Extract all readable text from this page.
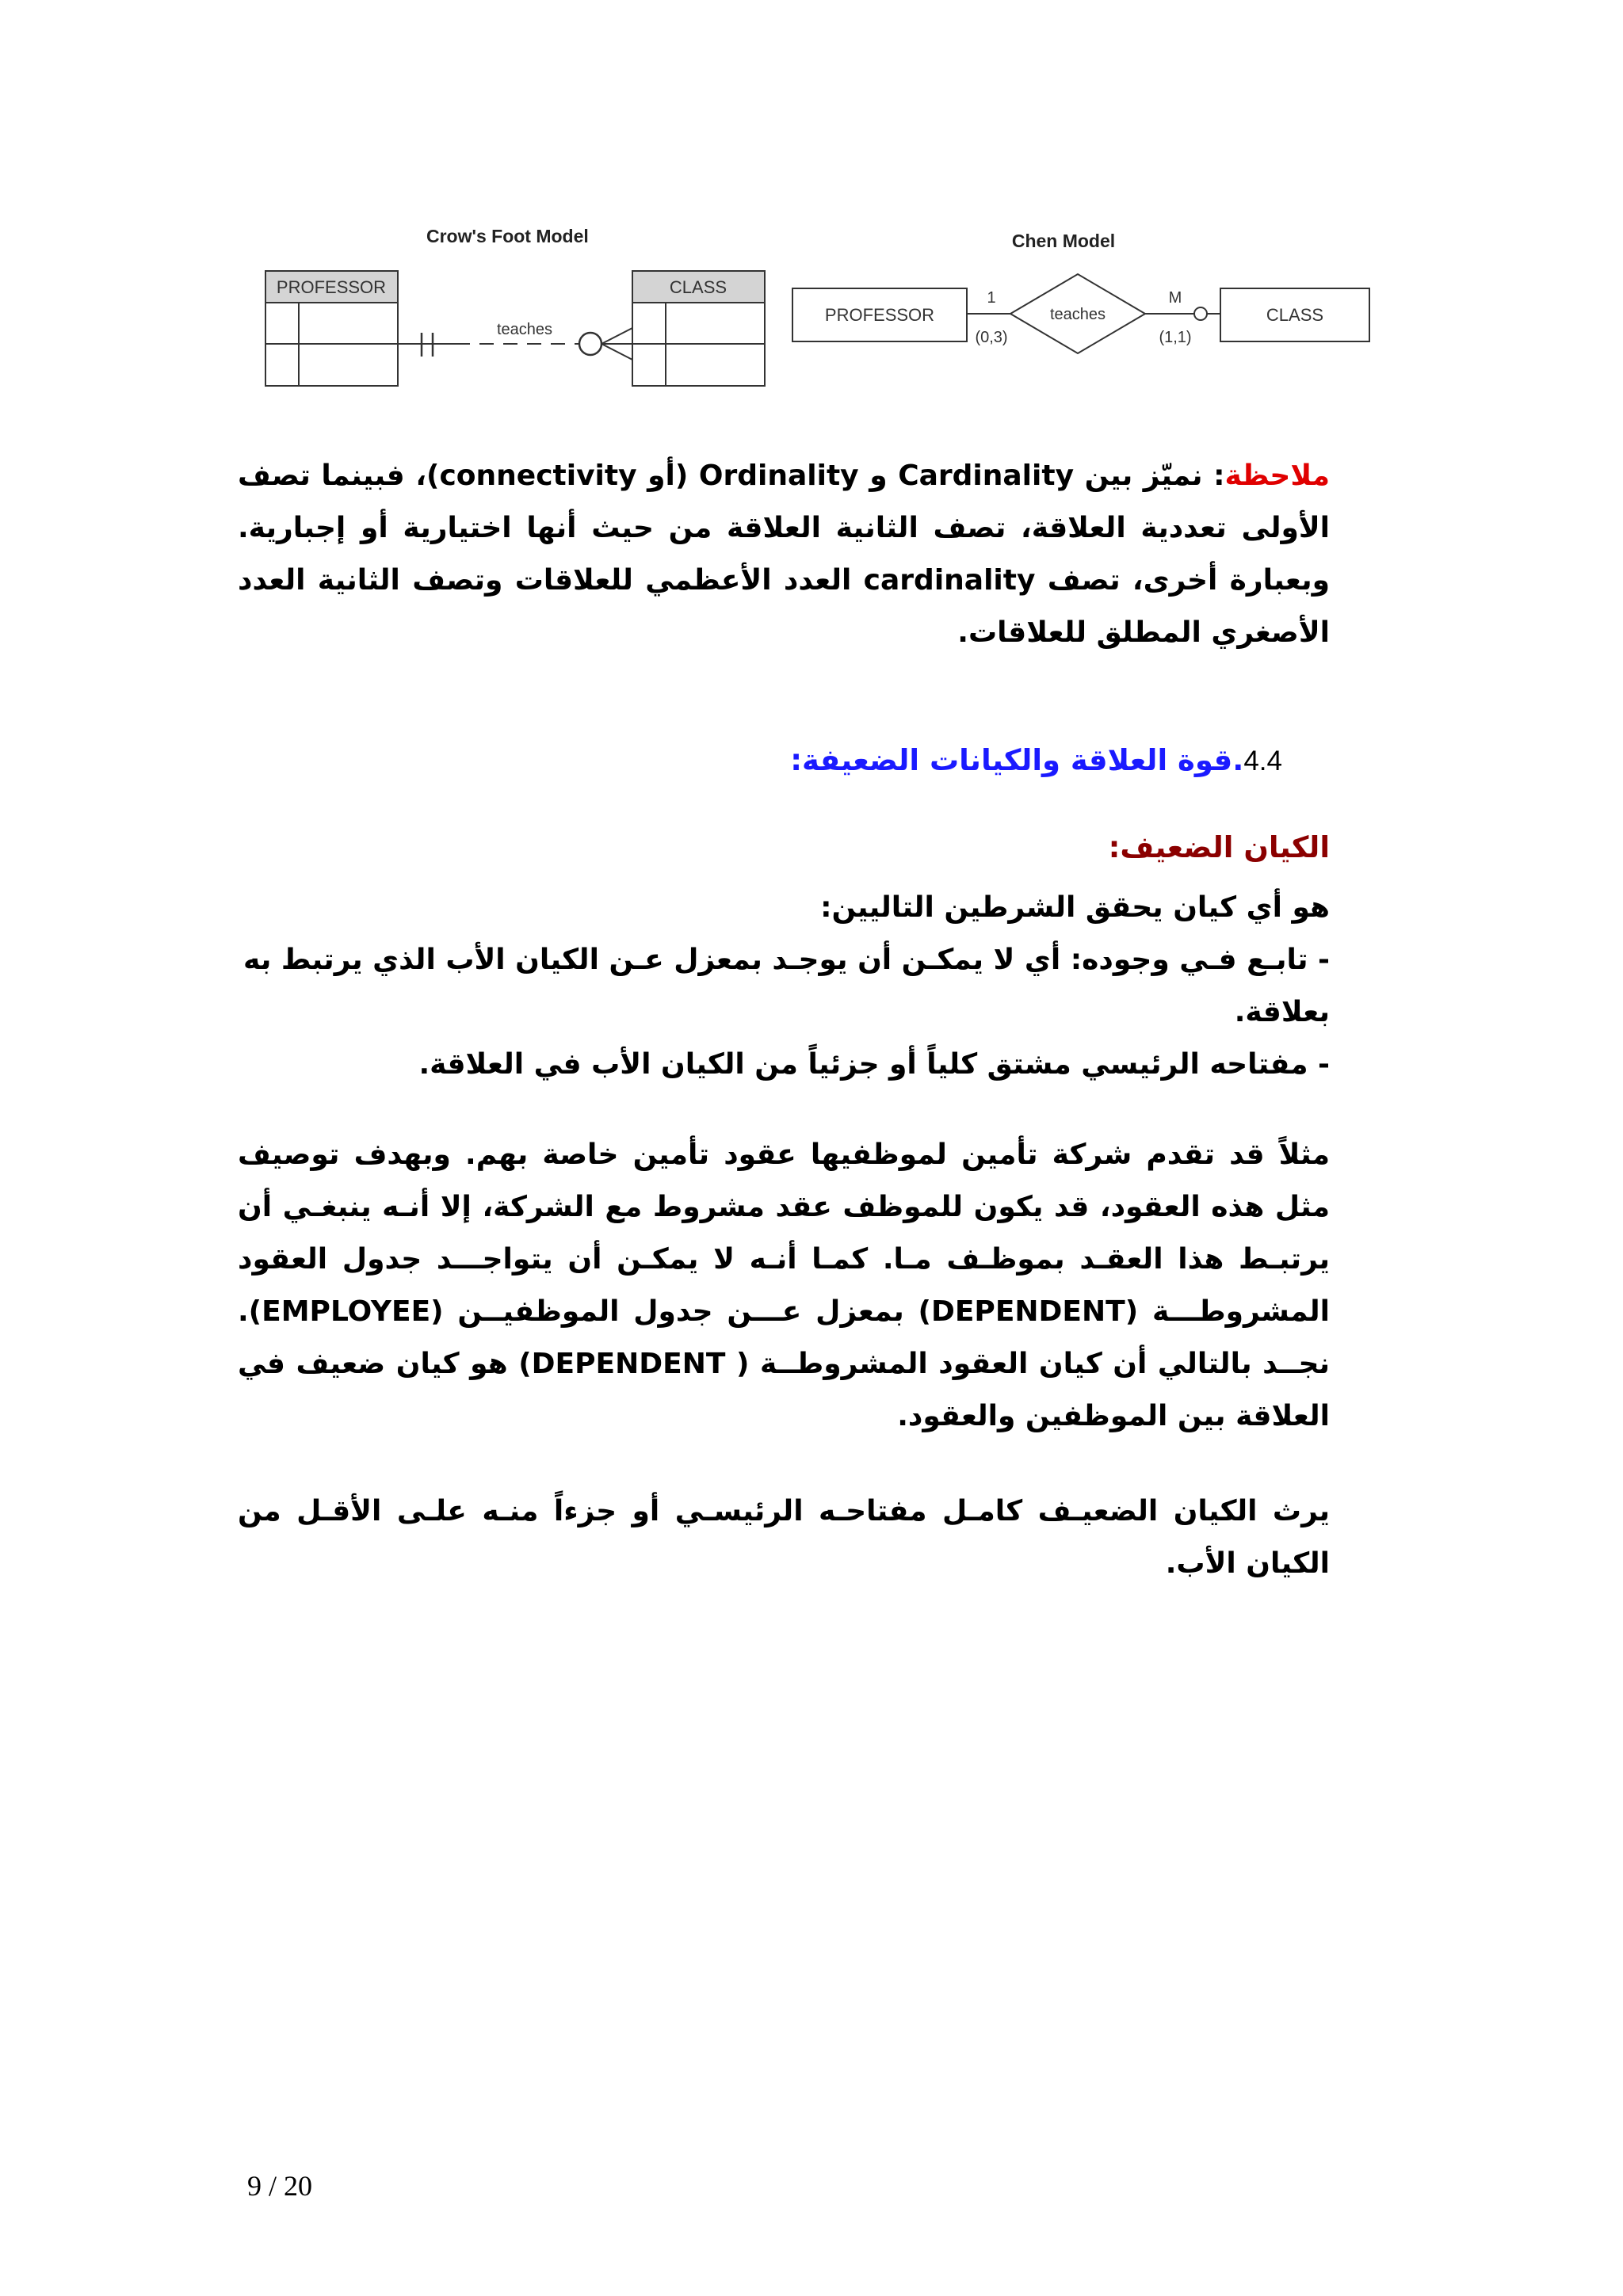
Crow's Foot Model
PROFESSOR	CLASS
teaches
Chen Model
PROFESSOR	teaches
1	M
(0,3)	(1,1)
CLASS

ملاحظة: نميّز بين Cardinality و Ordinality (أو connectivity)، فبينما تصف الأولى تعددية العلاقة، تصف الثانية العلاقة من حيث أنها اختيارية أو إجبارية. وبعبارة أخرى، تصف cardinality العدد الأعظمي للعلاقات وتصف الثانية العدد الأصغري المطلق للعلاقات.

4.4.قوة العلاقة والكيانات الضعيفة:
الكيان الضعيف:

هو أي كيان يحقق الشرطين التاليين:

- تابـع فـي وجوده: أي لا يمكـن أن يوجـد بمعزل عـن الكيان الأب الذي يرتبط به بعلاقة.

- مفتاحه الرئيسي مشتق كلياً أو جزئياً من الكيان الأب في العلاقة.

مثلاً قد تقدم شركة تأمين لموظفيها عقود تأمين خاصة بهم. وبهدف توصيف مثل هذه العقود، قد يكون للموظف عقد مشروط مع الشركة، إلا أنـه ينبغـي أن يرتبـط هذا العقـد بموظـف مـا. كمـا أنـه لا يمكـن أن يتواجـــد جدول العقود المشروطـــة (DEPENDENT) بمعزل عـــن جدول الموظفيــن (EMPLOYEE). نجــد بالتالي أن كيان العقود المشروطــة ( DEPENDENT) هو كيان ضعيف في العلاقة بين الموظفين والعقود.

يرث الكيان الضعيـف كامـل مفتاحـه الرئيسـي أو جزءاً منـه علـى الأقـل من الكيان الأب.

9 / 20
